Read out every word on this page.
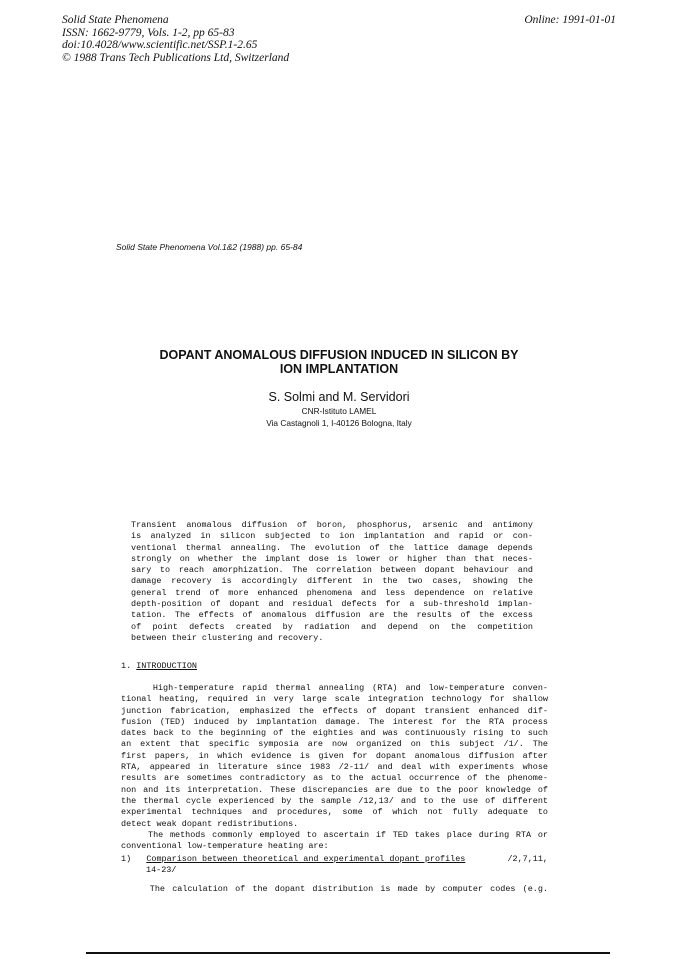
Solid State Phenomena
ISSN: 1662-9779, Vols. 1-2, pp 65-83
doi:10.4028/www.scientific.net/SSP.1-2.65
© 1988 Trans Tech Publications Ltd, Switzerland
Online: 1991-01-01
Solid State Phenomena Vol.1&2 (1988) pp. 65-84
DOPANT ANOMALOUS DIFFUSION INDUCED IN SILICON BY
ION IMPLANTATION
S. Solmi and M. Servidori
CNR-Istituto LAMEL
Via Castagnoli 1, I-40126 Bologna, Italy
Transient anomalous diffusion of boron, phosphorus, arsenic and antimony
is analyzed in silicon subjected to ion implantation and rapid or con-
ventional thermal annealing. The evolution of the lattice damage depends
strongly on whether the implant dose is lower or higher than that neces-
sary to reach amorphization. The correlation between dopant behaviour and
damage recovery is accordingly different in the two cases, showing the
general trend of more enhanced phenomena and less dependence on relative
depth-position of dopant and residual defects for a sub-threshold implan-
tation. The effects of anomalous diffusion are the results of the excess
of point defects created by radiation and depend on the competition
between their clustering and recovery.
1. INTRODUCTION
High-temperature rapid thermal annealing (RTA) and low-temperature conven-
tional heating, required in very large scale integration technology for shallow
junction fabrication, emphasized the effects of dopant transient enhanced dif-
fusion (TED) induced by implantation damage. The interest for the RTA process
dates back to the beginning of the eighties and was continuously rising to such
an extent that specific symposia are now organized on this subject /1/. The
first papers, in which evidence is given for dopant anomalous diffusion after
RTA, appeared in literature since 1983 /2-11/ and deal with experiments whose
results are sometimes contradictory as to the actual occurrence of the phenome-
non and its interpretation. These discrepancies are due to the poor knowledge of
the thermal cycle experienced by the sample /12,13/ and to the use of different
experimental techniques and procedures, some of which not fully adequate to
detect weak dopant redistributions.
The methods commonly employed to ascertain if TED takes place during RTA or
conventional low-temperature heating are:
1) Comparison between theoretical and experimental dopant profiles	/2,7,11,
14-23/
The calculation of the dopant distribution is made by computer codes (e.g.
